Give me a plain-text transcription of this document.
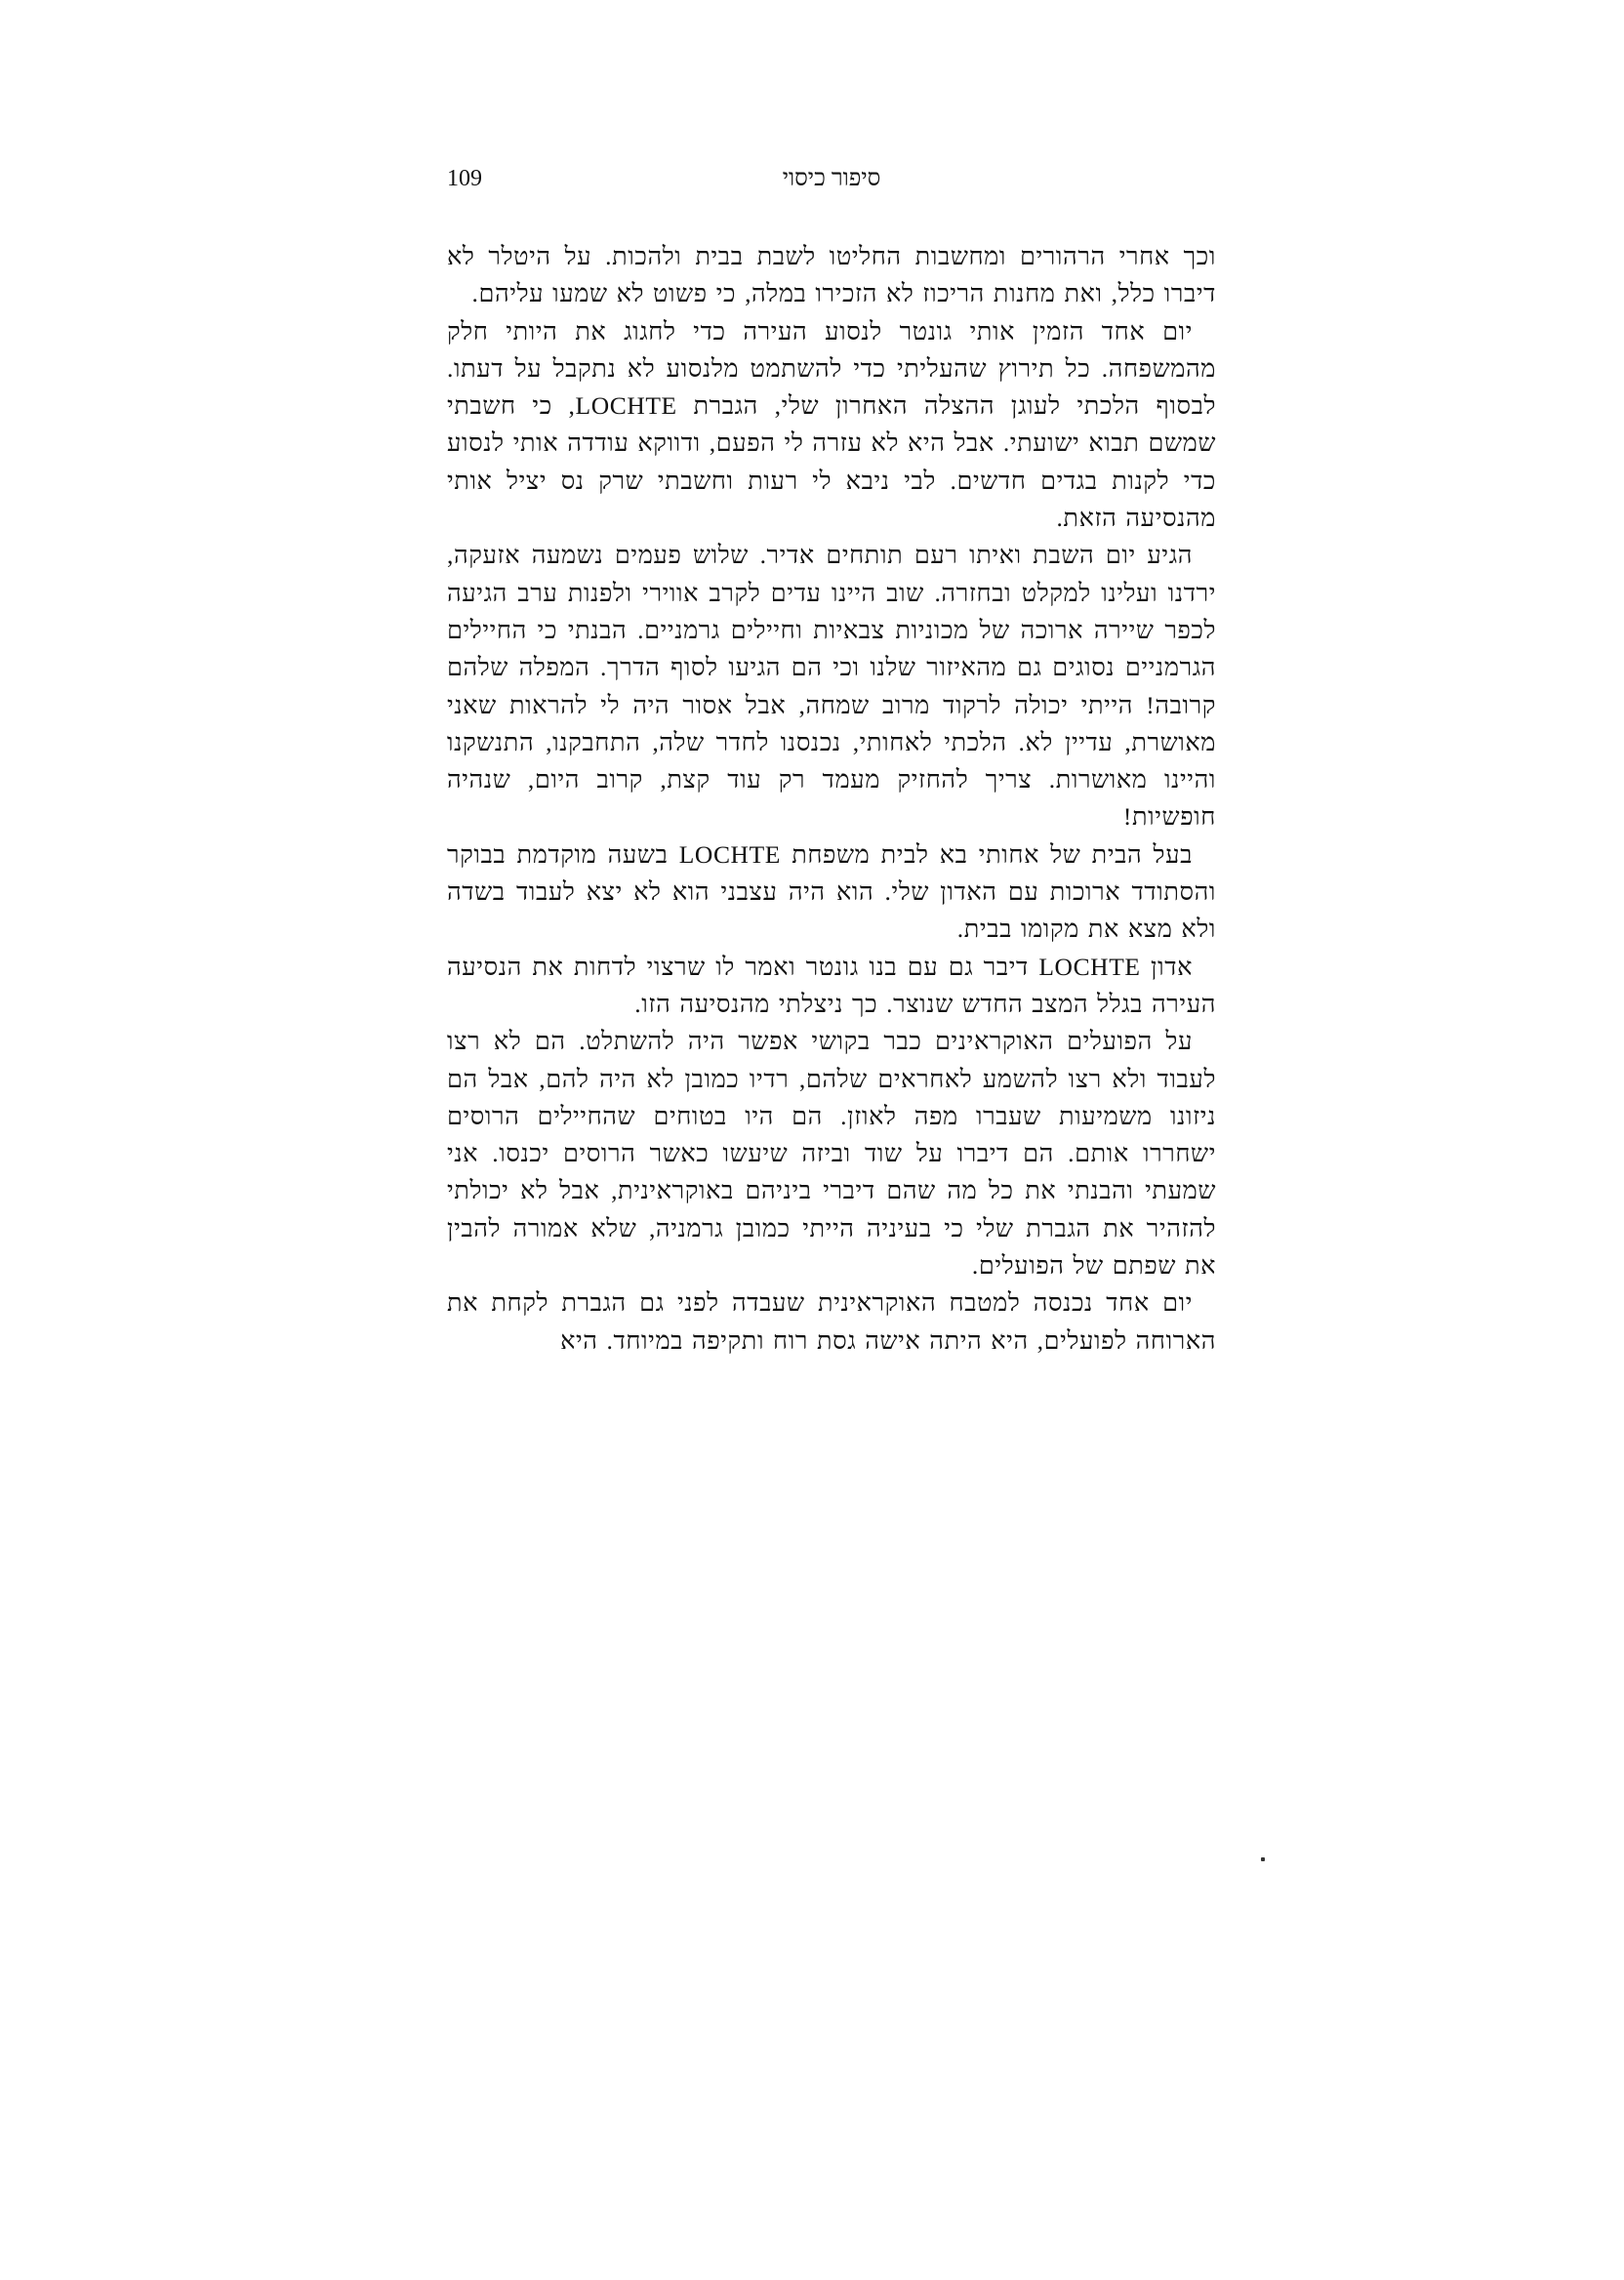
109	סיפור כיסוי

וכך אחרי הרהורים ומחשבות החליטו לשבת בבית ולהכות. על היטלר לא דיברו כלל, ואת מחנות הריכוז לא הזכירו במלה, כי פשוט לא שמעו עליהם.

יום אחד הזמין אותי גונטר לנסוע העירה כדי לחגוג את היותי חלק מהמשפחה. כל תירוץ שהעליתי כדי להשתמט מלנסוע לא נתקבל על דעתו. לבסוף הלכתי לעוגן ההצלה האחרון שלי, הגברת LOCHTE, כי חשבתי שמשם תבוא ישועתי. אבל היא לא עזרה לי הפעם, ודווקא עודדה אותי לנסוע כדי לקנות בגדים חדשים. לבי ניבא לי רעות וחשבתי שרק נס יציל אותי מהנסיעה הזאת.

הגיע יום השבת ואיתו רעם תותחים אדיר. שלוש פעמים נשמעה אזעקה, ירדנו ועלינו למקלט ובחזרה. שוב היינו עדים לקרב אווירי ולפנות ערב הגיעה לכפר שיירה ארוכה של מכוניות צבאיות וחיילים גרמניים. הבנתי כי החיילים הגרמניים נסוגים גם מהאיזור שלנו וכי הם הגיעו לסוף הדרך. המפלה שלהם קרובה! הייתי יכולה לרקוד מרוב שמחה, אבל אסור היה לי להראות שאני מאושרת, עדיין לא. הלכתי לאחותי, נכנסנו לחדר שלה, התחבקנו, התנשקנו והיינו מאושרות. צריך להחזיק מעמד רק עוד קצת, קרוב היום, שנהיה חופשיות!

בעל הבית של אחותי בא לבית משפחת LOCHTE בשעה מוקדמת בבוקר והסתודד ארוכות עם האדון שלי. הוא היה עצבני הוא לא יצא לעבוד בשדה ולא מצא את מקומו בבית.

אדון LOCHTE דיבר גם עם בנו גונטר ואמר לו שרצוי לדחות את הנסיעה העירה בגלל המצב החדש שנוצר. כך ניצלתי מהנסיעה הזו.

על הפועלים האוקראינים כבר בקושי אפשר היה להשתלט. הם לא רצו לעבוד ולא רצו להשמע לאחראים שלהם, רדיו כמובן לא היה להם, אבל הם ניזונו משמיעות שעברו מפה לאוזן. הם היו בטוחים שהחיילים הרוסים ישחררו אותם. הם דיברו על שוד וביזה שיעשו כאשר הרוסים יכנסו. אני שמעתי והבנתי את כל מה שהם דיברי ביניהם באוקראינית, אבל לא יכולתי להזהיר את הגברת שלי כי בעיניה הייתי כמובן גרמניה, שלא אמורה להבין את שפתם של הפועלים.

יום אחד נכנסה למטבח האוקראינית שעבדה לפני גם הגברת לקחת את הארוחה לפועלים, היא היתה אישה גסת רוח ותקיפה במיוחד. היא
